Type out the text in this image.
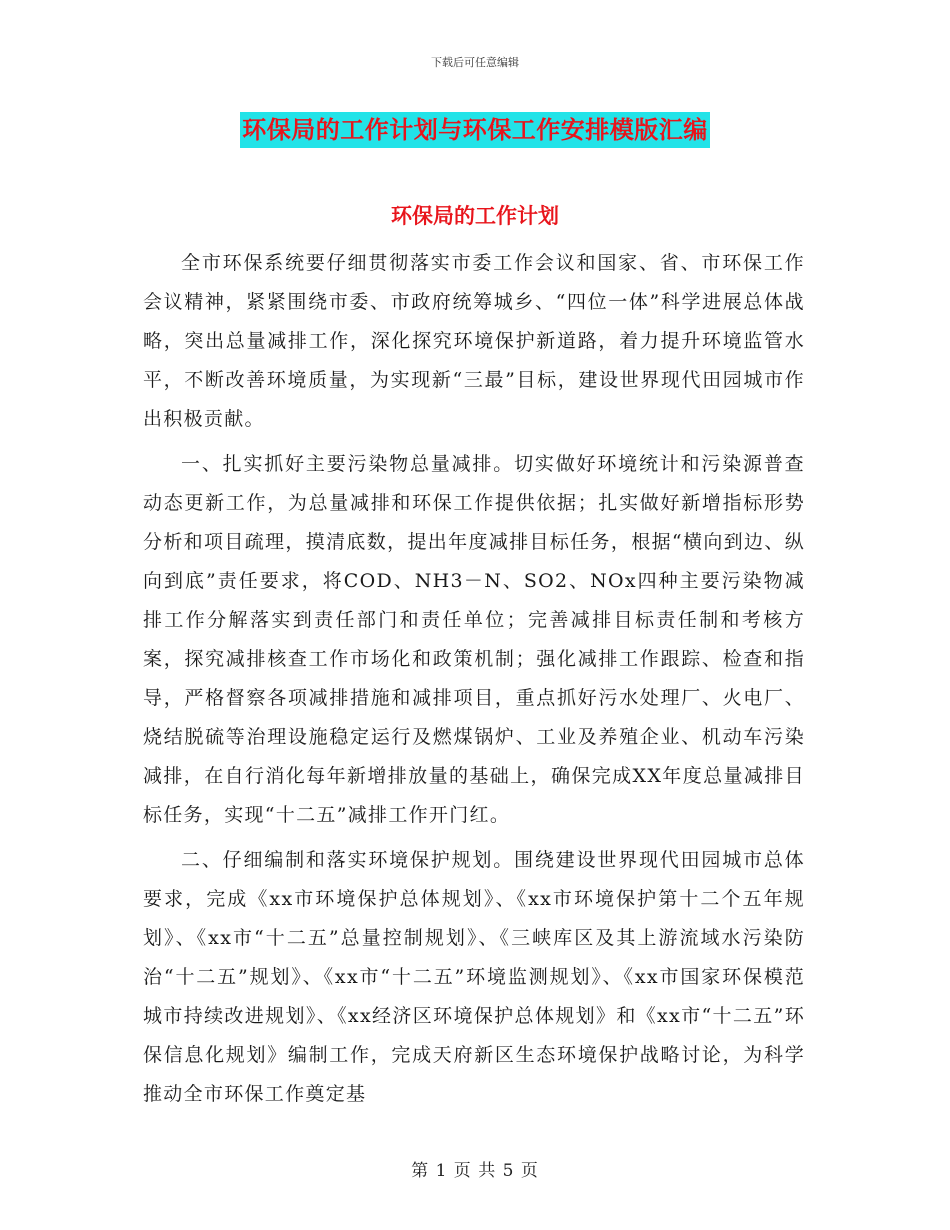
下载后可任意编辑
环保局的工作计划与环保工作安排模版汇编
环保局的工作计划

全市环保系统要仔细贯彻落实市委工作会议和国家、省、市环保工作会议精神，紧紧围绕市委、市政府统筹城乡、“四位一体”科学进展总体战略，突出总量减排工作，深化探究环境保护新道路，着力提升环境监管水平，不断改善环境质量，为实现新“三最”目标，建设世界现代田园城市作出积极贡献。

一、扎实抓好主要污染物总量减排。切实做好环境统计和污染源普查动态更新工作，为总量减排和环保工作提供依据；扎实做好新增指标形势分析和项目疏理，摸清底数，提出年度减排目标任务，根据“横向到边、纵向到底”责任要求，将COD、NH3－N、SO2、NOx四种主要污染物减排工作分解落实到责任部门和责任单位；完善减排目标责任制和考核方案，探究减排核查工作市场化和政策机制；强化减排工作跟踪、检查和指导，严格督察各项减排措施和减排项目，重点抓好污水处理厂、火电厂、烧结脱硫等治理设施稳定运行及燃煤锅炉、工业及养殖企业、机动车污染减排，在自行消化每年新增排放量的基础上，确保完成XX年度总量减排目标任务，实现“十二五”减排工作开门红。

二、仔细编制和落实环境保护规划。围绕建设世界现代田园城市总体要求，完成《xx市环境保护总体规划》、《xx市环境保护第十二个五年规划》、《xx市“十二五”总量控制规划》、《三峡库区及其上游流域水污染防治“十二五”规划》、《xx市“十二五”环境监测规划》、《xx市国家环保模范城市持续改进规划》、《xx经济区环境保护总体规划》和《xx市“十二五”环保信息化规划》编制工作，完成天府新区生态环境保护战略讨论，为科学推动全市环保工作奠定基

第 1 页 共 5 页
